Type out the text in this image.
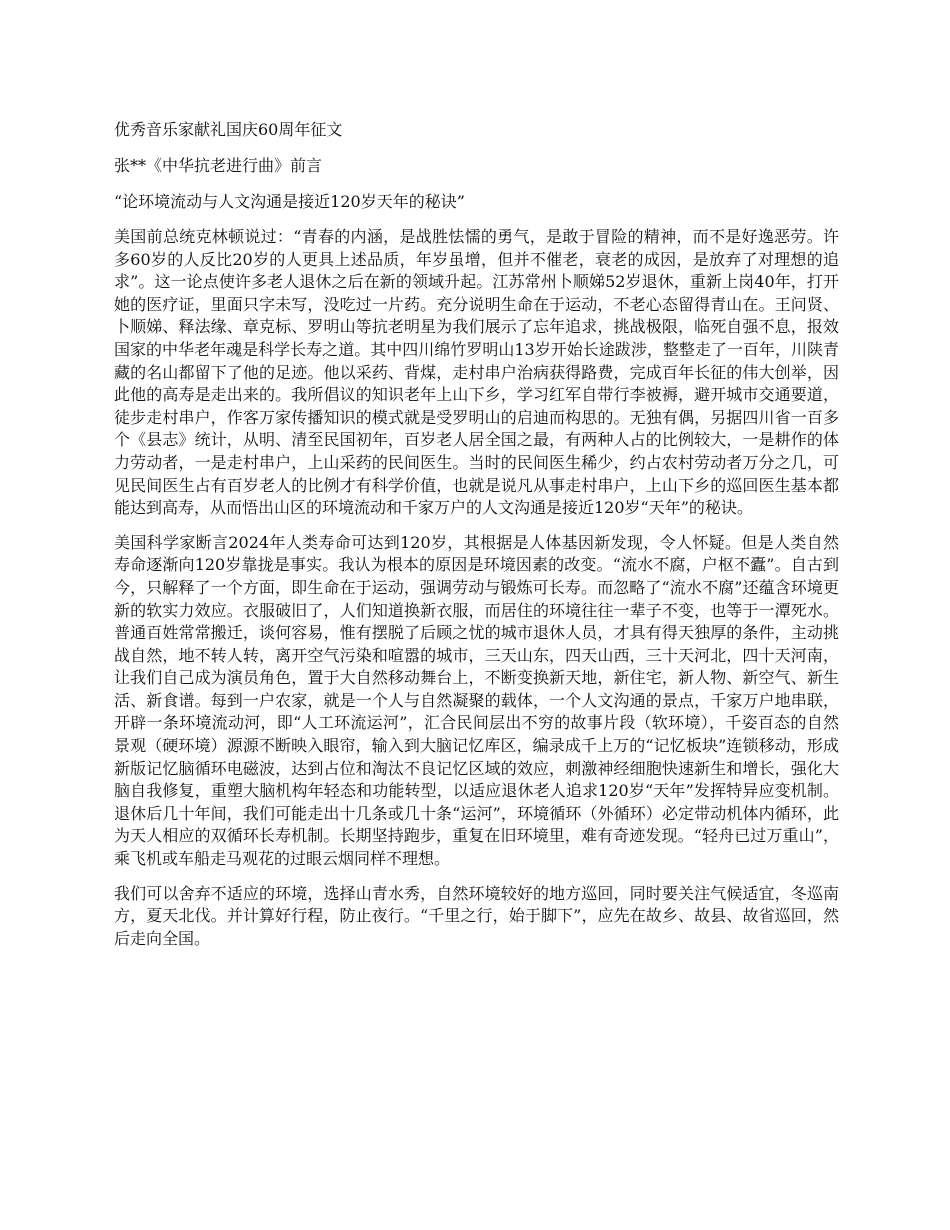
优秀音乐家献礼国庆60周年征文

张**《中华抗老进行曲》前言

“论环境流动与人文沟通是接近120岁天年的秘诀”

美国前总统克林顿说过：“青春的内涵，是战胜怯懦的勇气，是敢于冒险的精神，而不是好逸恶劳。许多60岁的人反比20岁的人更具上述品质，年岁虽增，但并不催老，衰老的成因，是放弃了对理想的追求”。这一论点使许多老人退休之后在新的领域升起。江苏常州卜顺娣52岁退休，重新上岗40年，打开她的医疗证，里面只字未写，没吃过一片药。充分说明生命在于运动，不老心态留得青山在。王问贤、卜顺娣、释法缘、章克标、罗明山等抗老明星为我们展示了忘年追求，挑战极限，临死自强不息，报效国家的中华老年魂是科学长寿之道。其中四川绵竹罗明山13岁开始长途跋涉，整整走了一百年，川陕青藏的名山都留下了他的足迹。他以采药、背煤，走村串户治病获得路费，完成百年长征的伟大创举，因此他的高寿是走出来的。我所倡议的知识老年上山下乡，学习红军自带行李被褥，避开城市交通要道，徒步走村串户，作客万家传播知识的模式就是受罗明山的启迪而构思的。无独有偶，另据四川省一百多个《县志》统计，从明、清至民国初年，百岁老人居全国之最，有两种人占的比例较大，一是耕作的体力劳动者，一是走村串户，上山采药的民间医生。当时的民间医生稀少，约占农村劳动者万分之几，可见民间医生占有百岁老人的比例才有科学价值，也就是说凡从事走村串户，上山下乡的巡回医生基本都能达到高寿，从而悟出山区的环境流动和千家万户的人文沟通是接近120岁“天年”的秘诀。

美国科学家断言2024年人类寿命可达到120岁，其根据是人体基因新发现，令人怀疑。但是人类自然寿命逐渐向120岁靠拢是事实。我认为根本的原因是环境因素的改变。“流水不腐，户枢不蠹”。自古到今，只解释了一个方面，即生命在于运动，强调劳动与锻炼可长寿。而忽略了“流水不腐”还蕴含环境更新的软实力效应。衣服破旧了，人们知道换新衣服，而居住的环境往往一辈子不变，也等于一潭死水。普通百姓常常搬迁，谈何容易，惟有摆脱了后顾之忧的城市退休人员，才具有得天独厚的条件，主动挑战自然，地不转人转，离开空气污染和喧嚣的城市，三天山东，四天山西，三十天河北，四十天河南，让我们自己成为演员角色，置于大自然移动舞台上，不断变换新天地，新住宅，新人物、新空气、新生活、新食谱。每到一户农家，就是一个人与自然凝聚的载体，一个人文沟通的景点，千家万户地串联，开辟一条环境流动河，即“人工环流运河”，汇合民间层出不穷的故事片段（软环境），千姿百态的自然景观（硬环境）源源不断映入眼帘，输入到大脑记忆库区，编录成千上万的“记忆板块”连锁移动，形成新版记忆脑循环电磁波，达到占位和淘汰不良记忆区域的效应，刺激神经细胞快速新生和增长，强化大脑自我修复，重塑大脑机构年轻态和功能转型，以适应退休老人追求120岁“天年”发挥特异应变机制。退休后几十年间，我们可能走出十几条或几十条“运河”，环境循环（外循环）必定带动机体内循环，此为天人相应的双循环长寿机制。长期坚持跑步，重复在旧环境里，难有奇迹发现。“轻舟已过万重山”，乘飞机或车船走马观花的过眼云烟同样不理想。

我们可以舍弃不适应的环境，选择山青水秀，自然环境较好的地方巡回，同时要关注气候适宜，冬巡南方，夏天北伐。并计算好行程，防止夜行。“千里之行，始于脚下”，应先在故乡、故县、故省巡回，然后走向全国。
